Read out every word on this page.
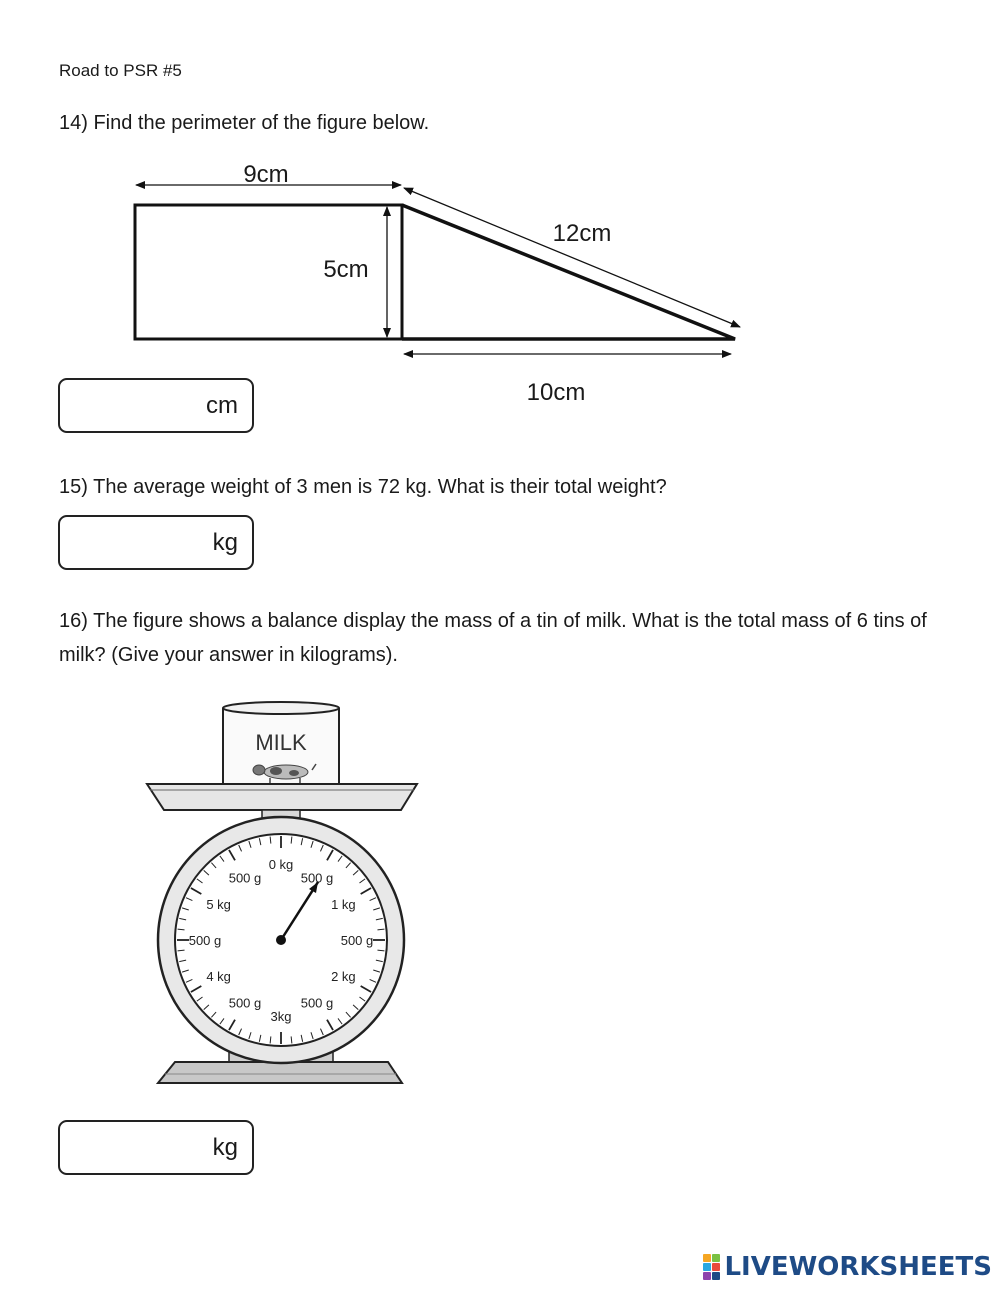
Road to PSR #5
14) Find the perimeter of the figure below.
9cm
5cm
12cm
10cm
MILK
0 kg
500 g
1 kg
500 g
2 kg
500 g
3kg
500 g
4 kg
500 g
5 kg
500 g
cm
15) The average weight of 3 men is 72 kg. What is their total weight?
kg
16) The figure shows a balance display the mass of a tin of milk. What is the total mass of 6 tins of milk? (Give your answer in kilograms).
kg
LIVEWORKSHEETS
